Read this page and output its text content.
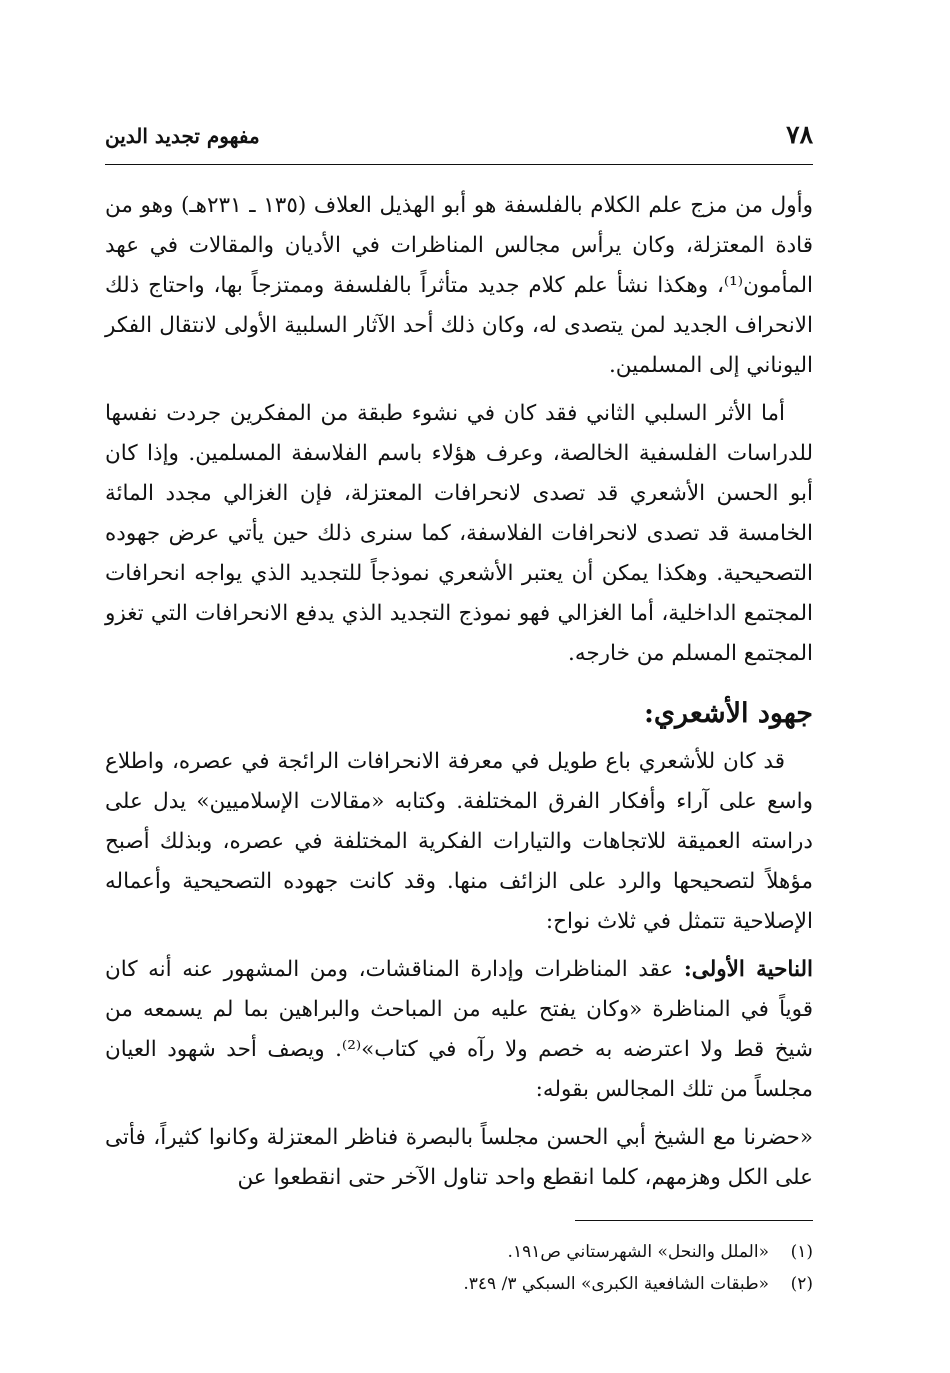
٧٨
مفهوم تجديد الدين

وأول من مزج علم الكلام بالفلسفة هو أبو الهذيل العلاف (١٣٥ ـ ٢٣١هـ) وهو من قادة المعتزلة، وكان يرأس مجالس المناظرات في الأديان والمقالات في عهد المأمون⁽¹⁾، وهكذا نشأ علم كلام جديد متأثراً بالفلسفة وممتزجاً بها، واحتاج ذلك الانحراف الجديد لمن يتصدى له، وكان ذلك أحد الآثار السلبية الأولى لانتقال الفكر اليوناني إلى المسلمين.

أما الأثر السلبي الثاني فقد كان في نشوء طبقة من المفكرين جردت نفسها للدراسات الفلسفية الخالصة، وعرف هؤلاء باسم الفلاسفة المسلمين. وإذا كان أبو الحسن الأشعري قد تصدى لانحرافات المعتزلة، فإن الغزالي مجدد المائة الخامسة قد تصدى لانحرافات الفلاسفة، كما سنرى ذلك حين يأتي عرض جهوده التصحيحية. وهكذا يمكن أن يعتبر الأشعري نموذجاً للتجديد الذي يواجه انحرافات المجتمع الداخلية، أما الغزالي فهو نموذج التجديد الذي يدفع الانحرافات التي تغزو المجتمع المسلم من خارجه.

جهود الأشعري:

قد كان للأشعري باع طويل في معرفة الانحرافات الرائجة في عصره، واطلاع واسع على آراء وأفكار الفرق المختلفة. وكتابه «مقالات الإسلاميين» يدل على دراسته العميقة للاتجاهات والتيارات الفكرية المختلفة في عصره، وبذلك أصبح مؤهلاً لتصحيحها والرد على الزائف منها. وقد كانت جهوده التصحيحية وأعماله الإصلاحية تتمثل في ثلاث نواح:

الناحية الأولى: عقد المناظرات وإدارة المناقشات، ومن المشهور عنه أنه كان قوياً في المناظرة «وكان يفتح عليه من المباحث والبراهين بما لم يسمعه من شيخ قط ولا اعترضه به خصم ولا رآه في كتاب»⁽²⁾. ويصف أحد شهود العيان مجلساً من تلك المجالس بقوله:

«حضرنا مع الشيخ أبي الحسن مجلساً بالبصرة فناظر المعتزلة وكانوا كثيراً، فأتى على الكل وهزمهم، كلما انقطع واحد تناول الآخر حتى انقطعوا عن

(١)«الملل والنحل» الشهرستاني ص١٩١.

(٢)«طبقات الشافعية الكبرى» السبكي ٣/ ٣٤٩.
